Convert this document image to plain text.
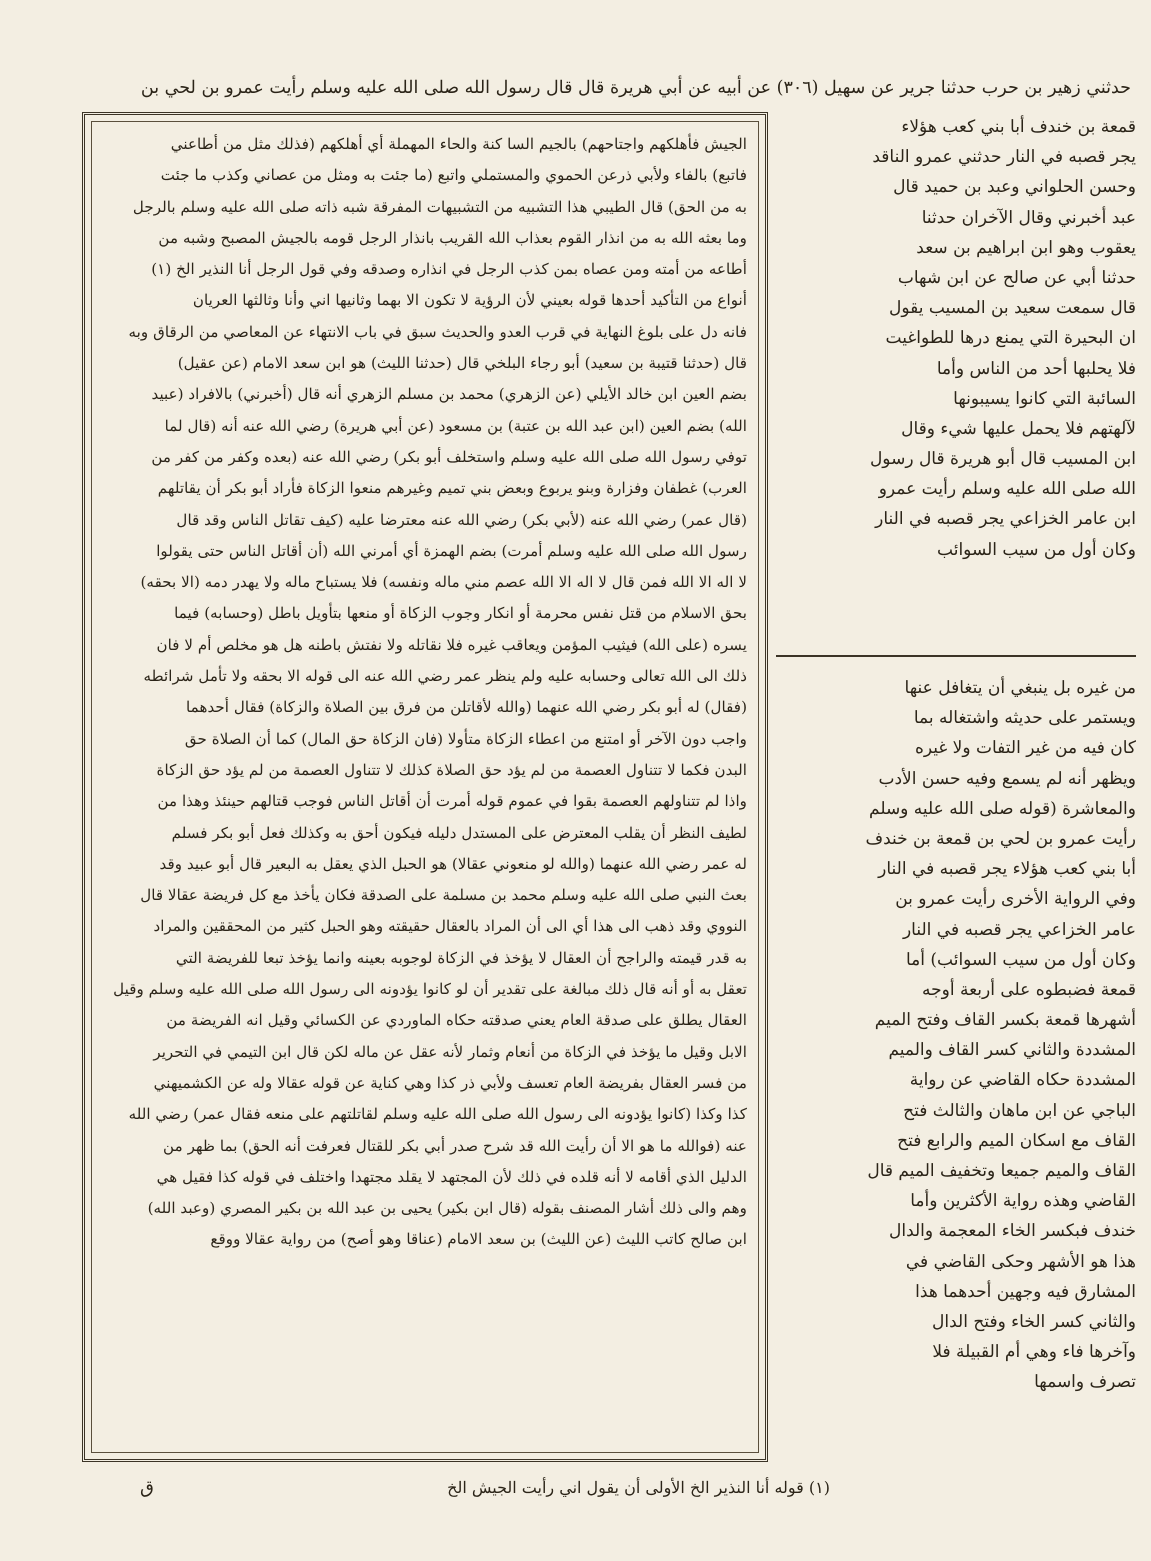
حدثني زهير بن حرب حدثنا جرير عن سهيل (٣٠٦) عن أبيه عن أبي هريرة قال قال رسول الله صلى الله عليه وسلم رأيت عمرو بن لحي بن
الجيش فأهلكهم واجتاحهم) بالجيم السا كنة والحاء المهملة أي أهلكهم (فذلك مثل من أطاعني
فاتبع) بالفاء ولأبي ذرعن الحموي والمستملي واتبع (ما جئت به ومثل من عصاني وكذب ما جئت
به من الحق) قال الطيبي هذا التشبيه من التشبيهات المفرقة شبه ذاته صلى الله عليه وسلم بالرجل
وما بعثه الله به من انذار القوم بعذاب الله القريب بانذار الرجل قومه بالجيش المصبح وشبه من
أطاعه من أمته ومن عصاه بمن كذب الرجل في انذاره وصدقه وفي قول الرجل أنا النذير الخ (١)
أنواع من التأكيد أحدها قوله بعيني لأن الرؤية لا تكون الا بهما وثانيها اني وأنا وثالثها العريان
فانه دل على بلوغ النهاية في قرب العدو والحديث سبق في باب الانتهاء عن المعاصي من الرقاق وبه
قال (حدثنا قتيبة بن سعيد) أبو رجاء البلخي قال (حدثنا الليث) هو ابن سعد الامام (عن عقيل)
بضم العين ابن خالد الأيلي (عن الزهري) محمد بن مسلم الزهري أنه قال (أخبرني) بالافراد (عبيد
الله) بضم العين (ابن عبد الله بن عتبة) بن مسعود (عن أبي هريرة) رضي الله عنه أنه (قال لما
توفي رسول الله صلى الله عليه وسلم واستخلف أبو بكر) رضي الله عنه (بعده وكفر من كفر من
العرب) غطفان وفزارة وبنو يربوع وبعض بني تميم وغيرهم منعوا الزكاة فأراد أبو بكر أن يقاتلهم
(قال عمر) رضي الله عنه (لأبي بكر) رضي الله عنه معترضا عليه (كيف تقاتل الناس وقد قال
رسول الله صلى الله عليه وسلم أمرت) بضم الهمزة أي أمرني الله (أن أقاتل الناس حتى يقولوا
لا اله الا الله فمن قال لا اله الا الله عصم مني ماله ونفسه) فلا يستباح ماله ولا يهدر دمه (الا بحقه)
بحق الاسلام من قتل نفس محرمة أو انكار وجوب الزكاة أو منعها بتأويل باطل (وحسابه) فيما
يسره (على الله) فيثيب المؤمن ويعاقب غيره فلا نقاتله ولا نفتش باطنه هل هو مخلص أم لا فان
ذلك الى الله تعالى وحسابه عليه ولم ينظر عمر رضي الله عنه الى قوله الا بحقه ولا تأمل شرائطه
(فقال) له أبو بكر رضي الله عنهما (والله لأقاتلن من فرق بين الصلاة والزكاة) فقال أحدهما
واجب دون الآخر أو امتنع من اعطاء الزكاة متأولا (فان الزكاة حق المال) كما أن الصلاة حق
البدن فكما لا تتناول العصمة من لم يؤد حق الصلاة كذلك لا تتناول العصمة من لم يؤد حق الزكاة
واذا لم تتناولهم العصمة بقوا في عموم قوله أمرت أن أقاتل الناس فوجب قتالهم حينئذ وهذا من
لطيف النظر أن يقلب المعترض على المستدل دليله فيكون أحق به وكذلك فعل أبو بكر فسلم
له عمر رضي الله عنهما (والله لو منعوني عقالا) هو الحبل الذي يعقل به البعير قال أبو عبيد وقد
بعث النبي صلى الله عليه وسلم محمد بن مسلمة على الصدقة فكان يأخذ مع كل فريضة عقالا قال
النووي وقد ذهب الى هذا أي الى أن المراد بالعقال حقيقته وهو الحبل كثير من المحققين والمراد
به قدر قيمته والراجح أن العقال لا يؤخذ في الزكاة لوجوبه بعينه وانما يؤخذ تبعا للفريضة التي
تعقل به أو أنه قال ذلك مبالغة على تقدير أن لو كانوا يؤدونه الى رسول الله صلى الله عليه وسلم وقيل
العقال يطلق على صدقة العام يعني صدقته حكاه الماوردي عن الكسائي وقيل انه الفريضة من
الابل وقيل ما يؤخذ في الزكاة من أنعام وثمار لأنه عقل عن ماله لكن قال ابن التيمي في التحرير
من فسر العقال بفريضة العام تعسف ولأبي ذر كذا وهي كناية عن قوله عقالا وله عن الكشميهني
كذا وكذا (كانوا يؤدونه الى رسول الله صلى الله عليه وسلم لقاتلتهم على منعه فقال عمر) رضي الله
عنه (فوالله ما هو الا أن رأيت الله قد شرح صدر أبي بكر للقتال فعرفت أنه الحق) بما ظهر من
الدليل الذي أقامه لا أنه قلده في ذلك لأن المجتهد لا يقلد مجتهدا واختلف في قوله كذا فقيل هي
وهم والى ذلك أشار المصنف بقوله (قال ابن بكير) يحيى بن عبد الله بن بكير المصري (وعبد الله)
ابن صالح كاتب الليث (عن الليث) بن سعد الامام (عناقا وهو أصح) من رواية عقالا ووقع
قمعة بن خندف أبا بني كعب هؤلاء
يجر قصبه في النار حدثني عمرو الناقد
وحسن الحلواني وعبد بن حميد قال
عبد أخبرني وقال الآخران حدثنا
يعقوب وهو ابن ابراهيم بن سعد
حدثنا أبي عن صالح عن ابن شهاب
قال سمعت سعيد بن المسيب يقول
ان البحيرة التي يمنع درها للطواغيت
فلا يحلبها أحد من الناس وأما
السائبة التي كانوا يسيبونها
لآلهتهم فلا يحمل عليها شيء وقال
ابن المسيب قال أبو هريرة قال رسول
الله صلى الله عليه وسلم رأيت عمرو
ابن عامر الخزاعي يجر قصبه في النار
وكان أول من سيب السوائب
من غيره بل ينبغي أن يتغافل عنها
ويستمر على حديثه واشتغاله بما
كان فيه من غير التفات ولا غيره
ويظهر أنه لم يسمع وفيه حسن الأدب
والمعاشرة (قوله صلى الله عليه وسلم
رأيت عمرو بن لحي بن قمعة بن خندف
أبا بني كعب هؤلاء يجر قصبه في النار
وفي الرواية الأخرى رأيت عمرو بن
عامر الخزاعي يجر قصبه في النار
وكان أول من سيب السوائب) أما
قمعة فضبطوه على أربعة أوجه
أشهرها قمعة بكسر القاف وفتح الميم
المشددة والثاني كسر القاف والميم
المشددة حكاه القاضي عن رواية
الباجي عن ابن ماهان والثالث فتح
القاف مع اسكان الميم والرابع فتح
القاف والميم جميعا وتخفيف الميم قال
القاضي وهذه رواية الأكثرين وأما
خندف فبكسر الخاء المعجمة والدال
هذا هو الأشهر وحكى القاضي في
المشارق فيه وجهين أحدهما هذا
والثاني كسر الخاء وفتح الدال
وآخرها فاء وهي أم القبيلة فلا
تصرف واسمها
(١) قوله أنا النذير الخ الأولى أن يقول اني رأيت الجيش الخ
ق
